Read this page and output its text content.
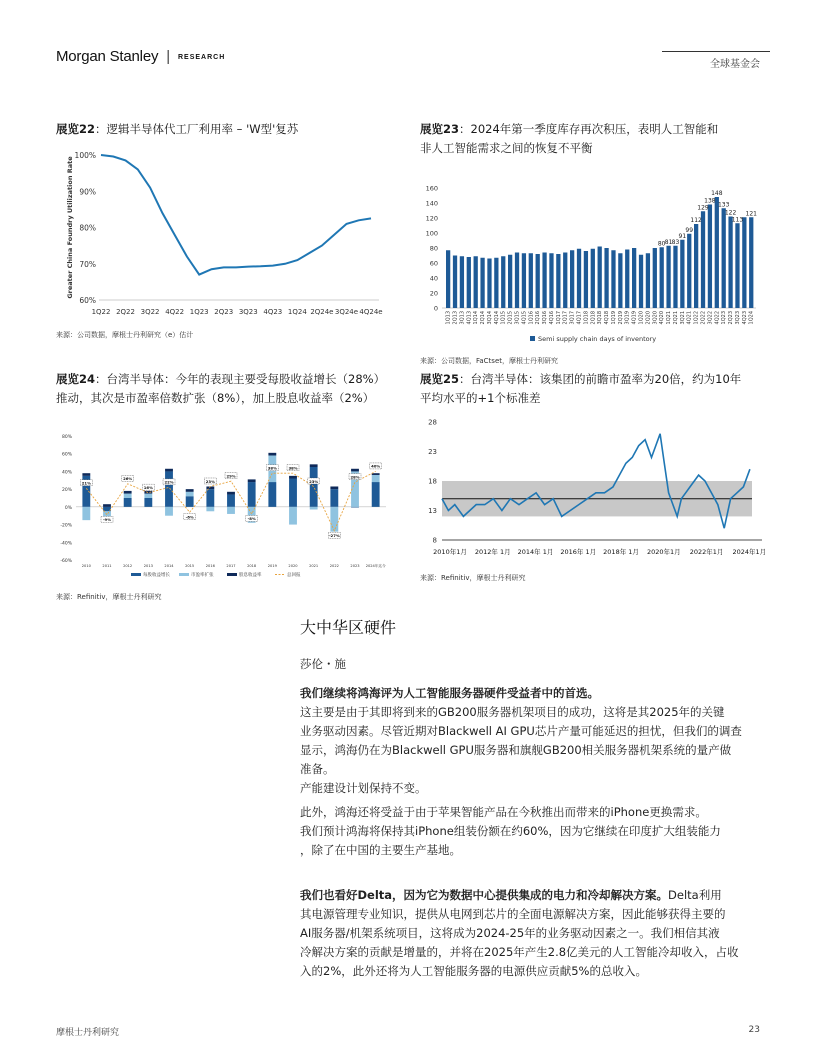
Morgan Stanley | RESEARCH
全球基金会
展览22：逻辑半导体代工厂利用率 – 'W型'复苏
100%
90%
80%
70%
60%
1Q22 2Q22 3Q22 4Q22 1Q23 2Q23 3Q23 4Q23 1Q24 2Q24e 3Q24e 4Q24e
Greater China Foundry Utilization Rate
来源：公司数据，摩根士丹利研究（e）估计
展览23：2024年第一季度库存再次积压，表明人工智能和
非人工智能需求之间的恢复不平衡
160
140
120
100
80
60
40
20
0
1Q13 2Q13 3Q13 4Q13 1Q14 2Q14 3Q14 4Q14 1Q15 2Q15 3Q15 4Q15 1Q16 2Q16 3Q16 4Q16 1Q17 2Q17 3Q17 4Q17 1Q18 2Q18 3Q18 4Q18 1Q19 2Q19 3Q19 4Q19 1Q20 2Q20 3Q20 4Q20 1Q21 2Q21 3Q21 4Q21 1Q22 2Q22 3Q22 4Q22 1Q23 2Q23 3Q23 4Q23 1Q24
80 81 83
91
99
112
129
138
148
133
122
113
121
Semi supply chain days of inventory
来源：公司数据，FaCtset，摩根士丹利研究
展览24：台湾半导体：今年的表现主要受每股收益增长（28%）推动，其次是市盈率倍数扩张（8%），加上股息收益率（2%）
80%
60%
40%
20%
0%
-20%
-40%
-60%
2010	2011	2012	2013	2014	2015	2016	2017	2018	2019	2020	2021	2022	2023 2024年迄今
21%
-9%
26%
16%
22%
-6%
23%
29%
-8%
38%	38%
23%
-27%
28%
40%
每股收益增长	市盈率扩张	股息收益率	总回报
来源：Refinitiv，摩根士丹利研究
展览25：台湾半导体：该集团的前瞻市盈率为20倍，约为10年
平均水平的+1个标准差
28
23
18
13
8
2010年1月 2012年 1月 2014年 1月 2016年 1月 2018年 1月 2020年1月 2022年1月 2024年1月
来源：Refinitiv，摩根士丹利研究
大中华区硬件
莎伦・施

我们继续将鸿海评为人工智能服务器硬件受益者中的首选。

这主要是由于其即将到来的GB200服务器机架项目的成功，这将是其2025年的关键

业务驱动因素。尽管近期对Blackwell AI GPU芯片产量可能延迟的担忧，但我们的调查

显示，鸿海仍在为Blackwell GPU服务器和旗舰GB200相关服务器机架系统的量产做

准备。

产能建设计划保持不变。

此外，鸿海还将受益于由于苹果智能产品在今秋推出而带来的iPhone更换需求。

我们预计鸿海将保持其iPhone组装份额在约60%，因为它继续在印度扩大组装能力

，除了在中国的主要生产基地。

我们也看好Delta，因为它为数据中心提供集成的电力和冷却解决方案。Delta利用

其电源管理专业知识，提供从电网到芯片的全面电源解决方案，因此能够获得主要的

AI服务器/机架系统项目，这将成为2024-25年的业务驱动因素之一。我们相信其液

冷解决方案的贡献是增量的，并将在2025年产生2.8亿美元的人工智能冷却收入，占收

入的2%，此外还将为人工智能服务器的电源供应贡献5%的总收入。

摩根士丹利研究	23
